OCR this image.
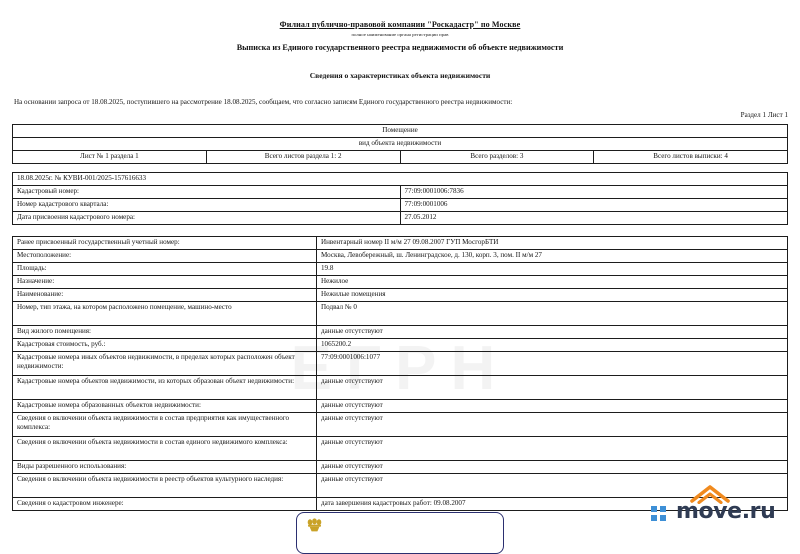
Филиал публично-правовой компании "Роскадастр" по Москве
полное наименование органа регистрации прав
Выписка из Единого государственного реестра недвижимости об объекте недвижимости
Сведения о характеристиках объекта недвижимости
На основании запроса от 18.08.2025, поступившего на рассмотрение 18.08.2025, сообщаем, что согласно записям Единого государственного реестра недвижимости:
Раздел 1 Лист 1
Помещение
вид объекта недвижимости
Лист № 1 раздела 1	Всего листов раздела 1: 2	Всего разделов: 3	Всего листов выписки: 4
18.08.2025г. № КУВИ-001/2025-157616633	
Кадастровый номер:	77:09:0001006:7836
Номер кадастрового квартала:	77:09:0001006
Дата присвоения кадастрового номера:	27.05.2012
Ранее присвоенный государственный учетный номер:	Инвентарный номер II м/м 27 09.08.2007 ГУП МосгорБТИ
Местоположение:	Москва, Левобережный, ш. Ленинградское, д. 130, корп. 3, пом. II м/м 27
Площадь:	19.8
Назначение:	Нежилое
Наименование:	Нежилые помещения
Номер, тип этажа, на котором расположено помещение, машино-место	Подвал № 0
Вид жилого помещения:	данные отсутствуют
Кадастровая стоимость, руб.:	1065200.2
Кадастровые номера иных объектов недвижимости, в пределах которых расположен объект недвижимости:	77:09:0001006:1077
Кадастровые номера объектов недвижимости, из которых образован объект недвижимости:	данные отсутствуют
Кадастровые номера образованных объектов недвижимости:	данные отсутствуют
Сведения о включении объекта недвижимости в состав предприятия как имущественного комплекса:	данные отсутствуют
Сведения о включении объекта недвижимости в состав единого недвижимого комплекса:	данные отсутствуют
Виды разрешенного использования:	данные отсутствуют
Сведения о включении объекта недвижимости в реестр объектов культурного наследия:	данные отсутствуют
Сведения о кадастровом инженере:	дата завершения кадастровых работ: 09.08.2007	move.ru
